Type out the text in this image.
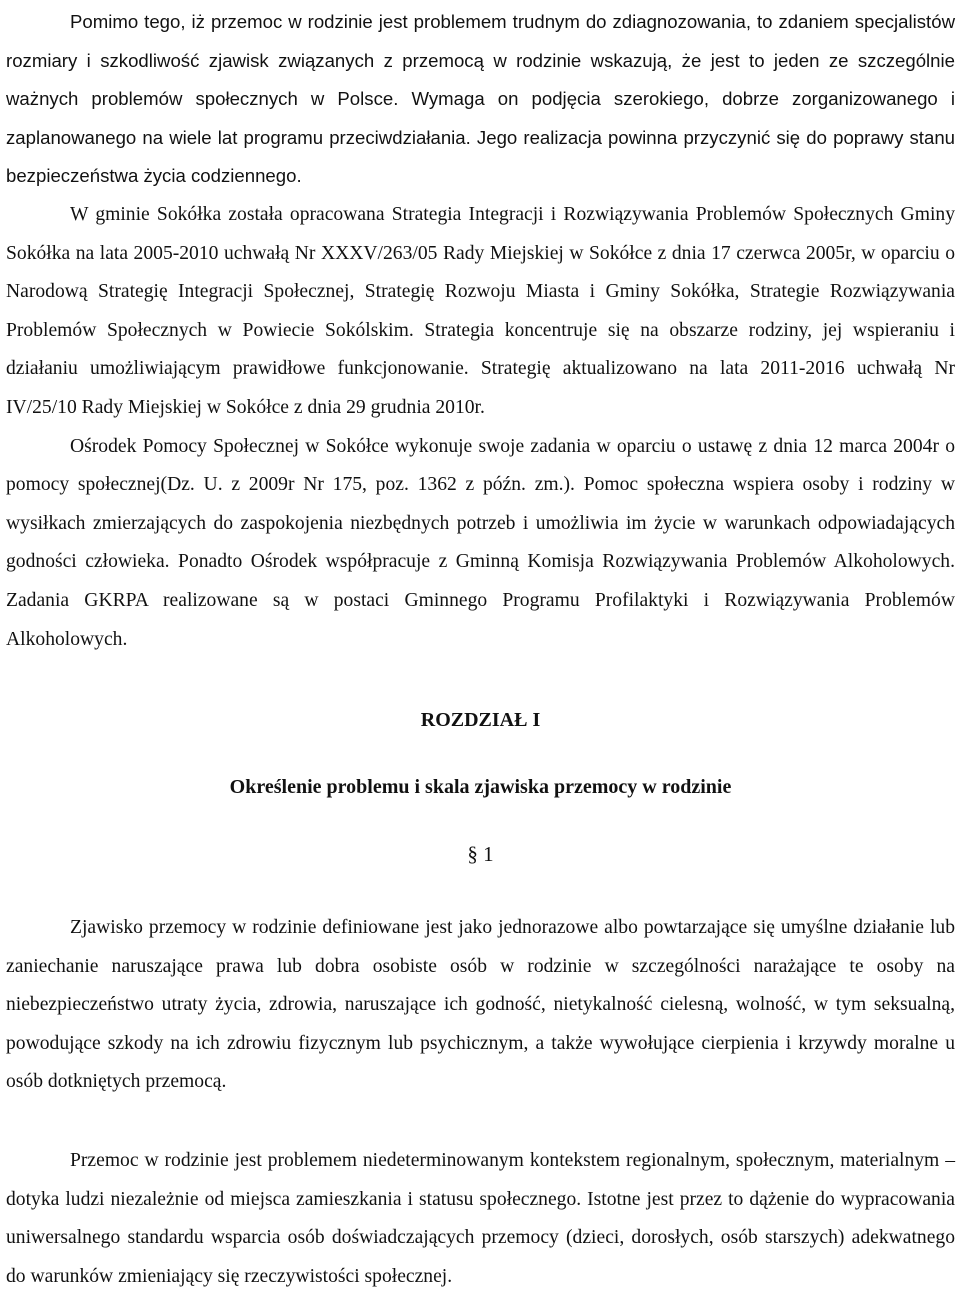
Pomimo tego, iż przemoc w rodzinie jest problemem trudnym do zdiagnozowania, to zdaniem specjalistów rozmiary i szkodliwość zjawisk związanych z przemocą w rodzinie wskazują, że jest to jeden ze szczególnie ważnych problemów społecznych w Polsce. Wymaga on podjęcia szerokiego, dobrze zorganizowanego i zaplanowanego na wiele lat programu przeciwdziałania. Jego realizacja powinna przyczynić się do poprawy stanu bezpieczeństwa życia codziennego.

W gminie Sokółka została opracowana Strategia Integracji i Rozwiązywania Problemów Społecznych Gminy Sokółka na lata 2005-2010 uchwałą Nr XXXV/263/05 Rady Miejskiej w Sokółce z dnia 17 czerwca 2005r, w oparciu o Narodową Strategię Integracji Społecznej, Strategię Rozwoju Miasta i Gminy Sokółka, Strategie Rozwiązywania Problemów Społecznych w Powiecie Sokólskim. Strategia koncentruje się na obszarze rodziny, jej wspieraniu i działaniu umożliwiającym prawidłowe funkcjonowanie. Strategię aktualizowano na lata 2011-2016 uchwałą Nr IV/25/10 Rady Miejskiej w Sokółce z dnia 29 grudnia 2010r.

Ośrodek Pomocy Społecznej w Sokółce wykonuje swoje zadania w oparciu o ustawę z dnia 12 marca 2004r o pomocy społecznej(Dz. U. z 2009r Nr 175, poz. 1362 z późn. zm.). Pomoc społeczna wspiera osoby i rodziny w wysiłkach zmierzających do zaspokojenia niezbędnych potrzeb i umożliwia im życie w warunkach odpowiadających godności człowieka. Ponadto Ośrodek współpracuje z Gminną Komisja Rozwiązywania Problemów Alkoholowych. Zadania GKRPA realizowane są w postaci Gminnego Programu Profilaktyki i Rozwiązywania Problemów Alkoholowych.

ROZDZIAŁ I
Określenie problemu i skala zjawiska przemocy w rodzinie
§ 1

Zjawisko przemocy w rodzinie definiowane jest jako jednorazowe albo powtarzające się umyślne działanie lub zaniechanie naruszające prawa lub dobra osobiste osób w rodzinie w szczególności narażające te osoby na niebezpieczeństwo utraty życia, zdrowia, naruszające ich godność, nietykalność cielesną, wolność, w tym seksualną, powodujące szkody na ich zdrowiu fizycznym lub psychicznym, a także wywołujące cierpienia i krzywdy moralne u osób dotkniętych przemocą.

Przemoc w rodzinie jest problemem niedeterminowanym kontekstem regionalnym, społecznym, materialnym – dotyka ludzi niezależnie od miejsca zamieszkania i statusu społecznego. Istotne jest przez to dążenie do wypracowania uniwersalnego standardu wsparcia osób doświadczających przemocy (dzieci, dorosłych, osób starszych) adekwatnego do warunków zmieniający się rzeczywistości społecznej.
